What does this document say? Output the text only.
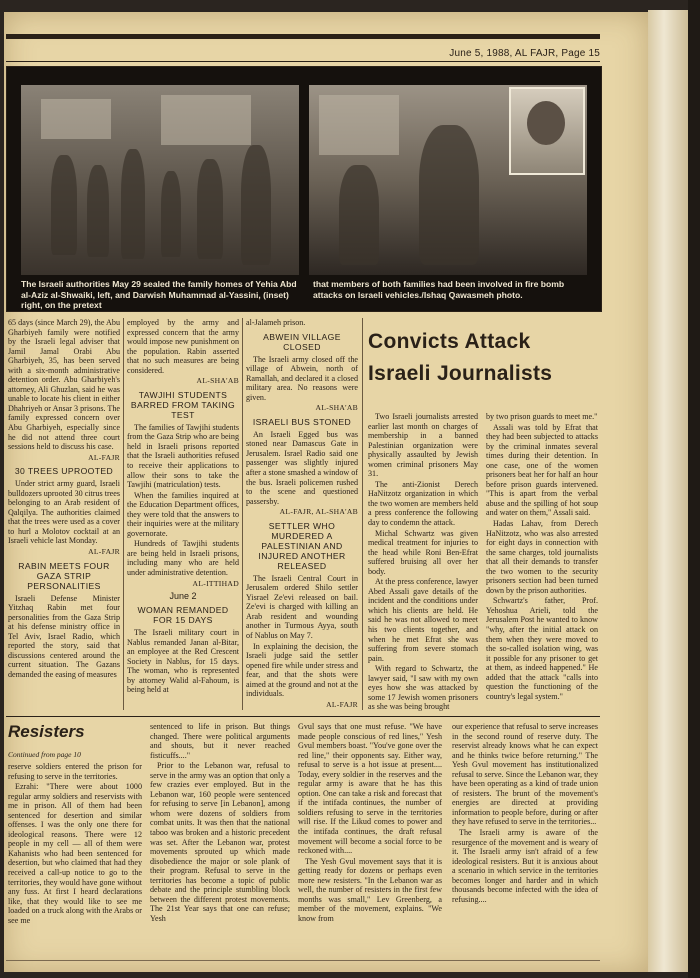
June 5, 1988, AL FAJR, Page 15
The Israeli authorities May 29 sealed the family homes of Yehia Abd al-Aziz al-Shwaiki, left, and Darwish Muhammad al-Yassini, (inset) right, on the pretext
that members of both families had been involved in fire bomb attacks on Israeli vehicles./Ishaq Qawasmeh photo.

65 days (since March 29), the Abu Gharbiyeh family were notified by the Israeli legal adviser that Jamil Jamal Orabi Abu Gharbiyeh, 35, has been served with a six-month administrative detention order. Abu Gharbiyeh's attorney, Ali Ghuzlan, said he was unable to locate his client in either Dhahriyeh or Ansar 3 prisons. The family expressed concern over Abu Gharbiyeh, especially since he did not attend three court sessions held to discuss his case.

AL-FAJR
30 TREES UPROOTED

Under strict army guard, Israeli bulldozers uprooted 30 citrus trees belonging to an Arab resident of Qalqilya. The authorities claimed that the trees were used as a cover to hurl a Molotov cocktail at an Israeli vehicle last Monday.

AL-FAJR
RABIN MEETS FOUR GAZA STRIP PERSONALITIES

Israeli Defense Minister Yitzhaq Rabin met four personalities from the Gaza Strip at his defense ministry office in Tel Aviv, Israel Radio, which reported the story, said that discussions centered around the current situation. The Gazans demanded the easing of measures

employed by the army and expressed concern that the army would impose new punishment on the population. Rabin asserted that no such measures are being considered.

AL-SHA'AB
TAWJIHI STUDENTS BARRED FROM TAKING TEST

The families of Tawjihi students from the Gaza Strip who are being held in Israeli prisons reported that the Israeli authorities refused to receive their applications to allow their sons to take the Tawjihi (matriculation) tests.

When the families inquired at the Education Department offices, they were told that the answers to their inquiries were at the military governorate.

Hundreds of Tawjihi students are being held in Israeli prisons, including many who are held under administrative detention.

AL-ITTIHAD
June 2
WOMAN REMANDED FOR 15 DAYS

The Israeli military court in Nablus remanded Janan al-Bitar, an employee at the Red Crescent Society in Nablus, for 15 days. The woman, who is represented by attorney Walid al-Fahoum, is being held at

al-Jalameh prison.

ABWEIN VILLAGE CLOSED

The Israeli army closed off the village of Abwein, north of Ramallah, and declared it a closed military area. No reasons were given.

AL-SHA'AB
ISRAELI BUS STONED

An Israeli Egged bus was stoned near Damascus Gate in Jerusalem. Israel Radio said one passenger was slightly injured after a stone smashed a window of the bus. Israeli policemen rushed to the scene and questioned passersby.

AL-FAJR, AL-SHA'AB
SETTLER WHO MURDERED A PALESTINIAN AND INJURED ANOTHER RELEASED

The Israeli Central Court in Jerusalem ordered Shilo settler Yisrael Ze'evi released on bail. Ze'evi is charged with killing an Arab resident and wounding another in Turmous Ayya, south of Nablus on May 7.

In explaining the decision, the Israeli judge said the settler opened fire while under stress and fear, and that the shots were aimed at the ground and not at the individuals.

AL-FAJR
Convicts Attack Israeli Journalists

Two Israeli journalists arrested earlier last month on charges of membership in a banned Palestinian organization were physically assaulted by Jewish women criminal prisoners May 31.

The anti-Zionist Derech HaNitzotz organization in which the two women are members held a press conference the following day to condemn the attack.

Michal Schwartz was given medical treatment for injuries to the head while Roni Ben-Efrat suffered bruising all over her body.

At the press conference, lawyer Abed Assali gave details of the incident and the conditions under which his clients are held. He said he was not allowed to meet his two clients together, and when he met Efrat she was suffering from severe stomach pain.

With regard to Schwartz, the lawyer said, "I saw with my own eyes how she was attacked by some 17 Jewish women prisoners as she was being brought

by two prison guards to meet me."

Assali was told by Efrat that they had been subjected to attacks by the criminal inmates several times during their detention. In one case, one of the women prisoners beat her for half an hour before prison guards intervened. "This is apart from the verbal abuse and the spilling of hot soup and water on them," Assali said.

Hadas Lahav, from Derech HaNitzotz, who was also arrested for eight days in connection with the same charges, told journalists that all their demands to transfer the two women to the security prisoners section had been turned down by the prison authorities.

Schwartz's father, Prof. Yehoshua Arieli, told the Jerusalem Post he wanted to know "why, after the initial attack on them when they were moved to the so-called isolation wing, was it possible for any prisoner to get at them, as indeed happened." He added that the attack "calls into question the functioning of the country's legal system."

Resisters
Continued from page 10

reserve soldiers entered the prison for refusing to serve in the territories.

Ezrahi: "There were about 1000 regular army soldiers and reservists with me in prison. All of them had been sentenced for desertion and similar offenses. I was the only one there for ideological reasons. There were 12 people in my cell — all of them were Kahanists who had been sentenced for desertion, but who claimed that had they received a call-up notice to go to the territories, they would have gone without any fuss. At first I heard declarations like, that they would like to see me loaded on a truck along with the Arabs or see me

sentenced to life in prison. But things changed. There were political arguments and shouts, but it never reached fisticuffs...."

Prior to the Lebanon war, refusal to serve in the army was an option that only a few crazies ever employed. But in the Lebanon war, 160 people were sentenced for refusing to serve [in Lebanon], among whom were dozens of soldiers from combat units. It was then that the national taboo was broken and a historic precedent was set. After the Lebanon war, protest movements sprouted up which made disobedience the major or sole plank of their program. Refusal to serve in the territories has become a topic of public debate and the principle stumbling block between the different protest movements. The 21st Year says that one can refuse; Yesh

Gvul says that one must refuse. "We have made people conscious of red lines," Yesh Gvul members boast. "You've gone over the red line," their opponents say. Either way, refusal to serve is a hot issue at present.... Today, every soldier in the reserves and the regular army is aware that he has this option. One can take a risk and forecast that if the intifada continues, the number of soldiers refusing to serve in the territories will rise. If the Likud comes to power and the intifada continues, the draft refusal movement will become a social force to be reckoned with....

The Yesh Gvul movement says that it is getting ready for dozens or perhaps even more new resisters. "In the Lebanon war as well, the number of resisters in the first few months was small," Lev Greenberg, a member of the movement, explains. "We know from

our experience that refusal to serve increases in the second round of reserve duty. The reservist already knows what he can expect and he thinks twice before returning." The Yesh Gvul movement has institutionalized refusal to serve. Since the Lebanon war, they have been operating as a kind of trade union of resisters. The brunt of the movement's energies are directed at providing information to people before, during or after they have refused to serve in the territories...

The Israeli army is aware of the resurgence of the movement and is weary of it. The Israeli army isn't afraid of a few ideological resisters. But it is anxious about a scenario in which service in the territories becomes longer and harder and in which thousands become infected with the idea of refusing....
